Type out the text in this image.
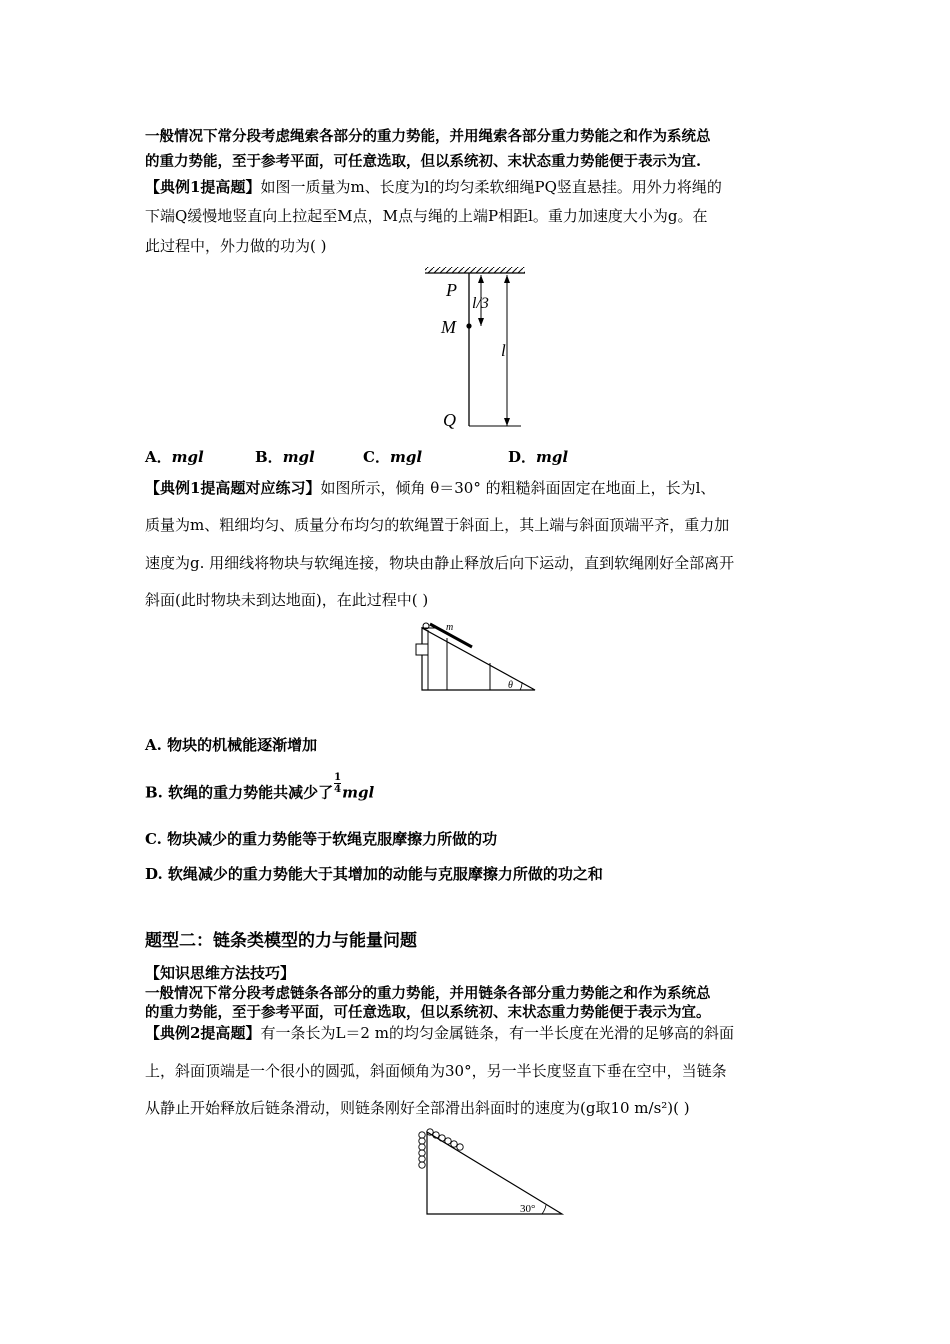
一般情况下常分段考虑绳索各部分的重力势能，并用绳索各部分重力势能之和作为系统总
的重力势能，至于参考平面，可任意选取，但以系统初、末状态重力势能便于表示为宜.
【典例1提高题】如图一质量为m、长度为l的均匀柔软细绳PQ竖直悬挂。用外力将绳的
下端Q缓慢地竖直向上拉起至M点，M点与绳的上端P相距l。重力加速度大小为g。在
此过程中，外力做的功为( )
P
M
Q
l/3
l
A．mgl	B．mgl	C．mgl	D．mgl
【典例1提高题对应练习】如图所示，倾角 θ＝30° 的粗糙斜面固定在地面上，长为l、
质量为m、粗细均匀、质量分布均匀的软绳置于斜面上，其上端与斜面顶端平齐，重力加
速度为g. 用细线将物块与软绳连接，物块由静止释放后向下运动，直到软绳刚好全部离开
斜面(此时物块未到达地面)，在此过程中( )
m
θ
A. 物块的机械能逐渐增加
B. 软绳的重力势能共减少了 $\frac{1}{4}$ mgl
C. 物块减少的重力势能等于软绳克服摩擦力所做的功
D. 软绳减少的重力势能大于其增加的动能与克服摩擦力所做的功之和
题型二：链条类模型的力与能量问题
【知识思维方法技巧】
一般情况下常分段考虑链条各部分的重力势能，并用链条各部分重力势能之和作为系统总
的重力势能，至于参考平面，可任意选取，但以系统初、末状态重力势能便于表示为宜。
【典例2提高题】有一条长为L＝2 m的均匀金属链条，有一半长度在光滑的足够高的斜面
上，斜面顶端是一个很小的圆弧，斜面倾角为30°，另一半长度竖直下垂在空中，当链条
从静止开始释放后链条滑动，则链条刚好全部滑出斜面时的速度为(g取10 m/s²)( )
30°
